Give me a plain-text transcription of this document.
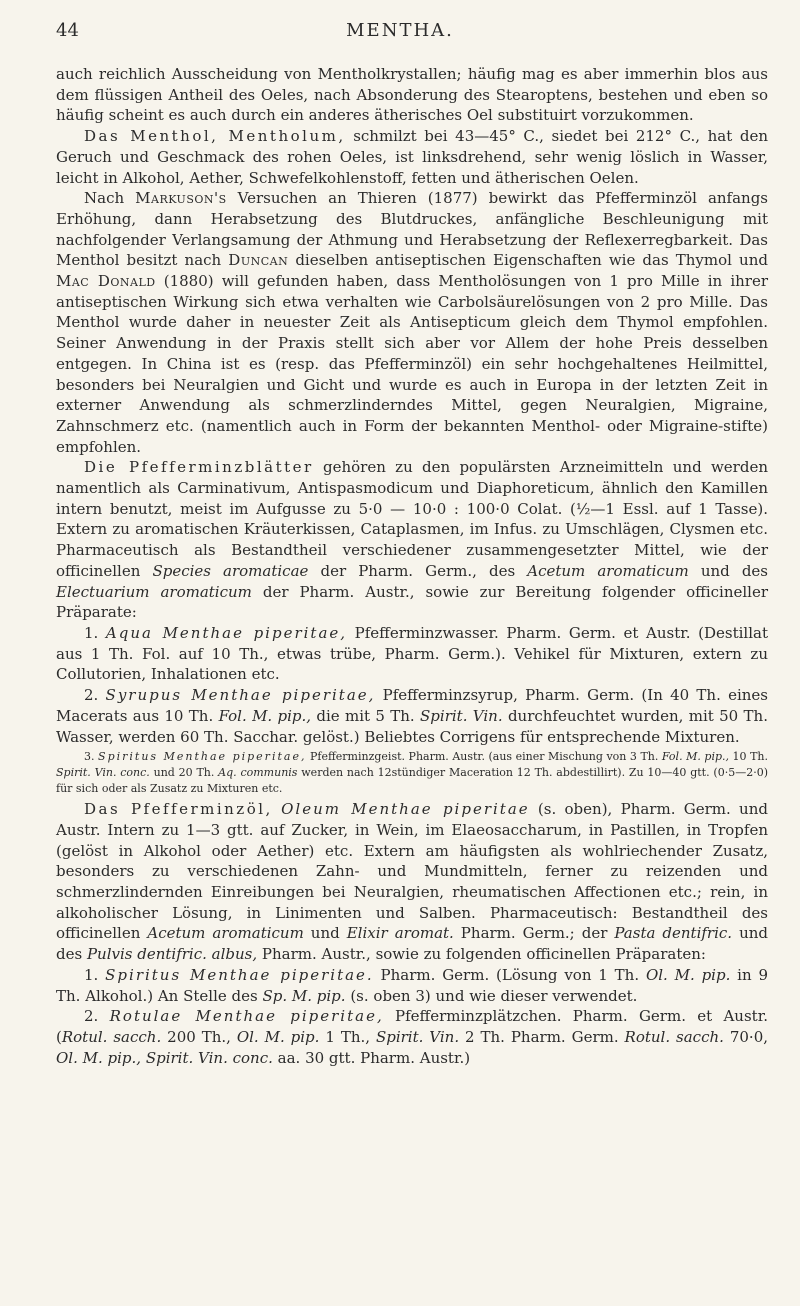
44	MENTHA.

auch reichlich Ausscheidung von Mentholkrystallen; häufig mag es aber immerhin blos aus dem flüssigen Antheil des Oeles, nach Absonderung des Stearoptens, bestehen und eben so häufig scheint es auch durch ein anderes ätherisches Oel substituirt vorzukommen.

Das Menthol, Mentholum, schmilzt bei 43—45° C., siedet bei 212° C., hat den Geruch und Geschmack des rohen Oeles, ist linksdrehend, sehr wenig löslich in Wasser, leicht in Alkohol, Aether, Schwefelkohlenstoff, fetten und ätherischen Oelen.

Nach Markuson's Versuchen an Thieren (1877) bewirkt das Pfefferminzöl anfangs Erhöhung, dann Herabsetzung des Blutdruckes, anfängliche Beschleunigung mit nachfolgender Verlangsamung der Athmung und Herabsetzung der Reflexerregbarkeit. Das Menthol besitzt nach Duncan dieselben antiseptischen Eigenschaften wie das Thymol und Mac Donald (1880) will gefunden haben, dass Mentholösungen von 1 pro Mille in ihrer antiseptischen Wirkung sich etwa verhalten wie Carbolsäurelösungen von 2 pro Mille. Das Menthol wurde daher in neuester Zeit als Antisepticum gleich dem Thymol empfohlen. Seiner Anwendung in der Praxis stellt sich aber vor Allem der hohe Preis desselben entgegen. In China ist es (resp. das Pfefferminzöl) ein sehr hochgehaltenes Heilmittel, besonders bei Neuralgien und Gicht und wurde es auch in Europa in der letzten Zeit in externer Anwendung als schmerzlinderndes Mittel, gegen Neuralgien, Migraine, Zahnschmerz etc. (namentlich auch in Form der bekannten Menthol- oder Migraine-stifte) empfohlen.

Die Pfefferminzblätter gehören zu den populärsten Arzneimitteln und werden namentlich als Carminativum, Antispasmodicum und Diaphoreticum, ähnlich den Kamillen intern benutzt, meist im Aufgusse zu 5·0 — 10·0 : 100·0 Colat. (½—1 Essl. auf 1 Tasse). Extern zu aromatischen Kräuterkissen, Cataplasmen, im Infus. zu Umschlägen, Clysmen etc. Pharmaceutisch als Bestandtheil verschiedener zusammengesetzter Mittel, wie der officinellen Species aromaticae der Pharm. Germ., des Acetum aromaticum und des Electuarium aromaticum der Pharm. Austr., sowie zur Bereitung folgender officineller Präparate:

1. Aqua Menthae piperitae, Pfefferminzwasser. Pharm. Germ. et Austr. (Destillat aus 1 Th. Fol. auf 10 Th., etwas trübe, Pharm. Germ.). Vehikel für Mixturen, extern zu Collutorien, Inhalationen etc.

2. Syrupus Menthae piperitae, Pfefferminzsyrup, Pharm. Germ. (In 40 Th. eines Macerats aus 10 Th. Fol. M. pip., die mit 5 Th. Spirit. Vin. durchfeuchtet wurden, mit 50 Th. Wasser, werden 60 Th. Sacchar. gelöst.) Beliebtes Corrigens für entsprechende Mixturen.

3. Spiritus Menthae piperitae, Pfefferminzgeist. Pharm. Austr. (aus einer Mischung von 3 Th. Fol. M. pip., 10 Th. Spirit. Vin. conc. und 20 Th. Aq. communis werden nach 12stündiger Maceration 12 Th. abdestillirt). Zu 10—40 gtt. (0·5—2·0) für sich oder als Zusatz zu Mixturen etc.

Das Pfefferminzöl, Oleum Menthae piperitae (s. oben), Pharm. Germ. und Austr. Intern zu 1—3 gtt. auf Zucker, in Wein, im Elaeosaccharum, in Pastillen, in Tropfen (gelöst in Alkohol oder Aether) etc. Extern am häufigsten als wohlriechender Zusatz, besonders zu verschiedenen Zahn- und Mundmitteln, ferner zu reizenden und schmerzlindernden Einreibungen bei Neuralgien, rheumatischen Affectionen etc.; rein, in alkoholischer Lösung, in Linimenten und Salben. Pharmaceutisch: Bestandtheil des officinellen Acetum aromaticum und Elixir aromat. Pharm. Germ.; der Pasta dentifric. und des Pulvis dentifric. albus, Pharm. Austr., sowie zu folgenden officinellen Präparaten:

1. Spiritus Menthae piperitae. Pharm. Germ. (Lösung von 1 Th. Ol. M. pip. in 9 Th. Alkohol.) An Stelle des Sp. M. pip. (s. oben 3) und wie dieser verwendet.

2. Rotulae Menthae piperitae, Pfefferminzplätzchen. Pharm. Germ. et Austr. (Rotul. sacch. 200 Th., Ol. M. pip. 1 Th., Spirit. Vin. 2 Th. Pharm. Germ. Rotul. sacch. 70·0, Ol. M. pip., Spirit. Vin. conc. aa. 30 gtt. Pharm. Austr.)
